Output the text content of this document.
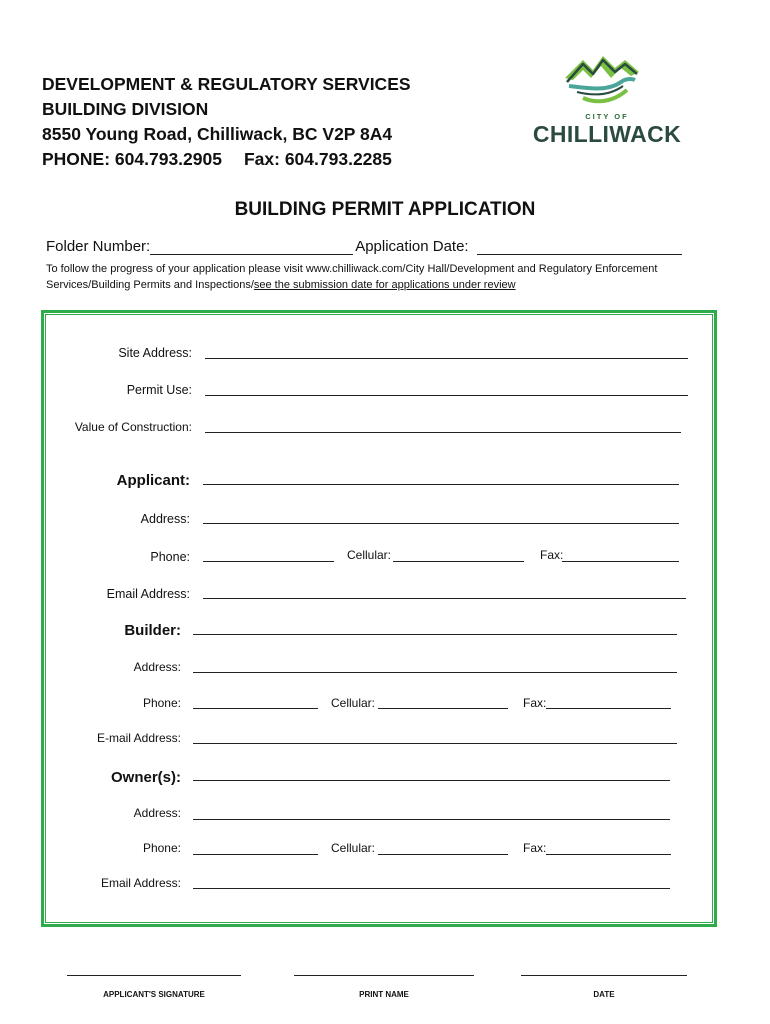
DEVELOPMENT & REGULATORY SERVICES
BUILDING DIVISION
8550 Young Road, Chilliwack, BC V2P 8A4
PHONE: 604.793.2905 Fax: 604.793.2285
CITY OF
CHILLIWACK
BUILDING PERMIT APPLICATION
Folder Number:	Application Date:
To follow the progress of your application please visit www.chilliwack.com/City Hall/Development and Regulatory Enforcement Services/Building Permits and Inspections/see the submission date for applications under review
Site Address:
Permit Use:
Value of Construction:
Applicant:
Address:
Phone:	Cellular:	Fax:
Email Address:
Builder:
Address:
Phone:	Cellular:	Fax:
E-mail Address:
Owner(s):
Address:
Phone:	Cellular:	Fax:
Email Address:
APPLICANT'S SIGNATURE	PRINT NAME	DATE
